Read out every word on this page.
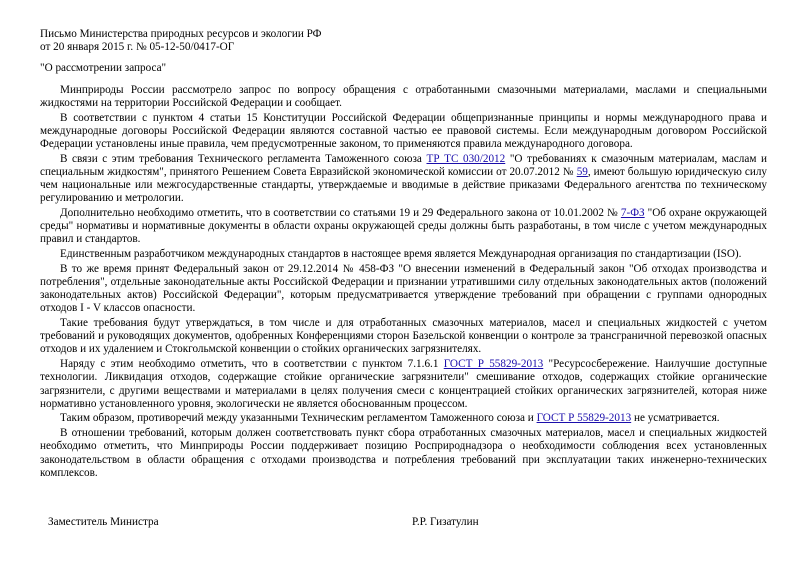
Письмо Министерства природных ресурсов и экологии РФ

от 20 января 2015 г. № 05-12-50/0417-ОГ

"О рассмотрении запроса"

Минприроды России рассмотрело запрос по вопросу обращения с отработанными смазочными материалами, маслами и специальными жидкостями на территории Российской Федерации и сообщает.

В соответствии с пунктом 4 статьи 15 Конституции Российской Федерации общепризнанные принципы и нормы международного права и международные договоры Российской Федерации являются составной частью ее правовой системы. Если международным договором Российской Федерации установлены иные правила, чем предусмотренные законом, то применяются правила международного договора.

В связи с этим требования Технического регламента Таможенного союза ТР ТС 030/2012 "О требованиях к смазочным материалам, маслам и специальным жидкостям", принятого Решением Совета Евразийской экономической комиссии от 20.07.2012 № 59, имеют большую юридическую силу чем национальные или межгосударственные стандарты, утверждаемые и вводимые в действие приказами Федерального агентства по техническому регулированию и метрологии.

Дополнительно необходимо отметить, что в соответствии со статьями 19 и 29 Федерального закона от 10.01.2002 № 7-ФЗ "Об охране окружающей среды" нормативы и нормативные документы в области охраны окружающей среды должны быть разработаны, в том числе с учетом международных правил и стандартов.

Единственным разработчиком международных стандартов в настоящее время является Международная организация по стандартизации (ISO).

В то же время принят Федеральный закон от 29.12.2014 № 458-ФЗ "О внесении изменений в Федеральный закон "Об отходах производства и потребления", отдельные законодательные акты Российской Федерации и признании утратившими силу отдельных законодательных актов (положений законодательных актов) Российской Федерации", которым предусматривается утверждение требований при обращении с группами однородных отходов I - V классов опасности.

Такие требования будут утверждаться, в том числе и для отработанных смазочных материалов, масел и специальных жидкостей с учетом требований и руководящих документов, одобренных Конференциями сторон Базельской конвенции о контроле за трансграничной перевозкой опасных отходов и их удалением и Стокгольмской конвенции о стойких органических загрязнителях.

Наряду с этим необходимо отметить, что в соответствии с пунктом 7.1.6.1 ГОСТ Р 55829-2013 "Ресурсосбережение. Наилучшие доступные технологии. Ликвидация отходов, содержащие стойкие органические загрязнители" смешивание отходов, содержащих стойкие органические загрязнители, с другими веществами и материалами в целях получения смеси с концентрацией стойких органических загрязнителей, которая ниже нормативно установленного уровня, экологически не является обоснованным процессом.

Таким образом, противоречий между указанными Техническим регламентом Таможенного союза и ГОСТ Р 55829-2013 не усматривается.

В отношении требований, которым должен соответствовать пункт сбора отработанных смазочных материалов, масел и специальных жидкостей необходимо отметить, что Минприроды России поддерживает позицию Росприроднадзора о необходимости соблюдения всех установленных законодательством в области обращения с отходами производства и потребления требований при эксплуатации таких инженерно-технических комплексов.

Заместитель Министра	Р.Р. Гизатулин
